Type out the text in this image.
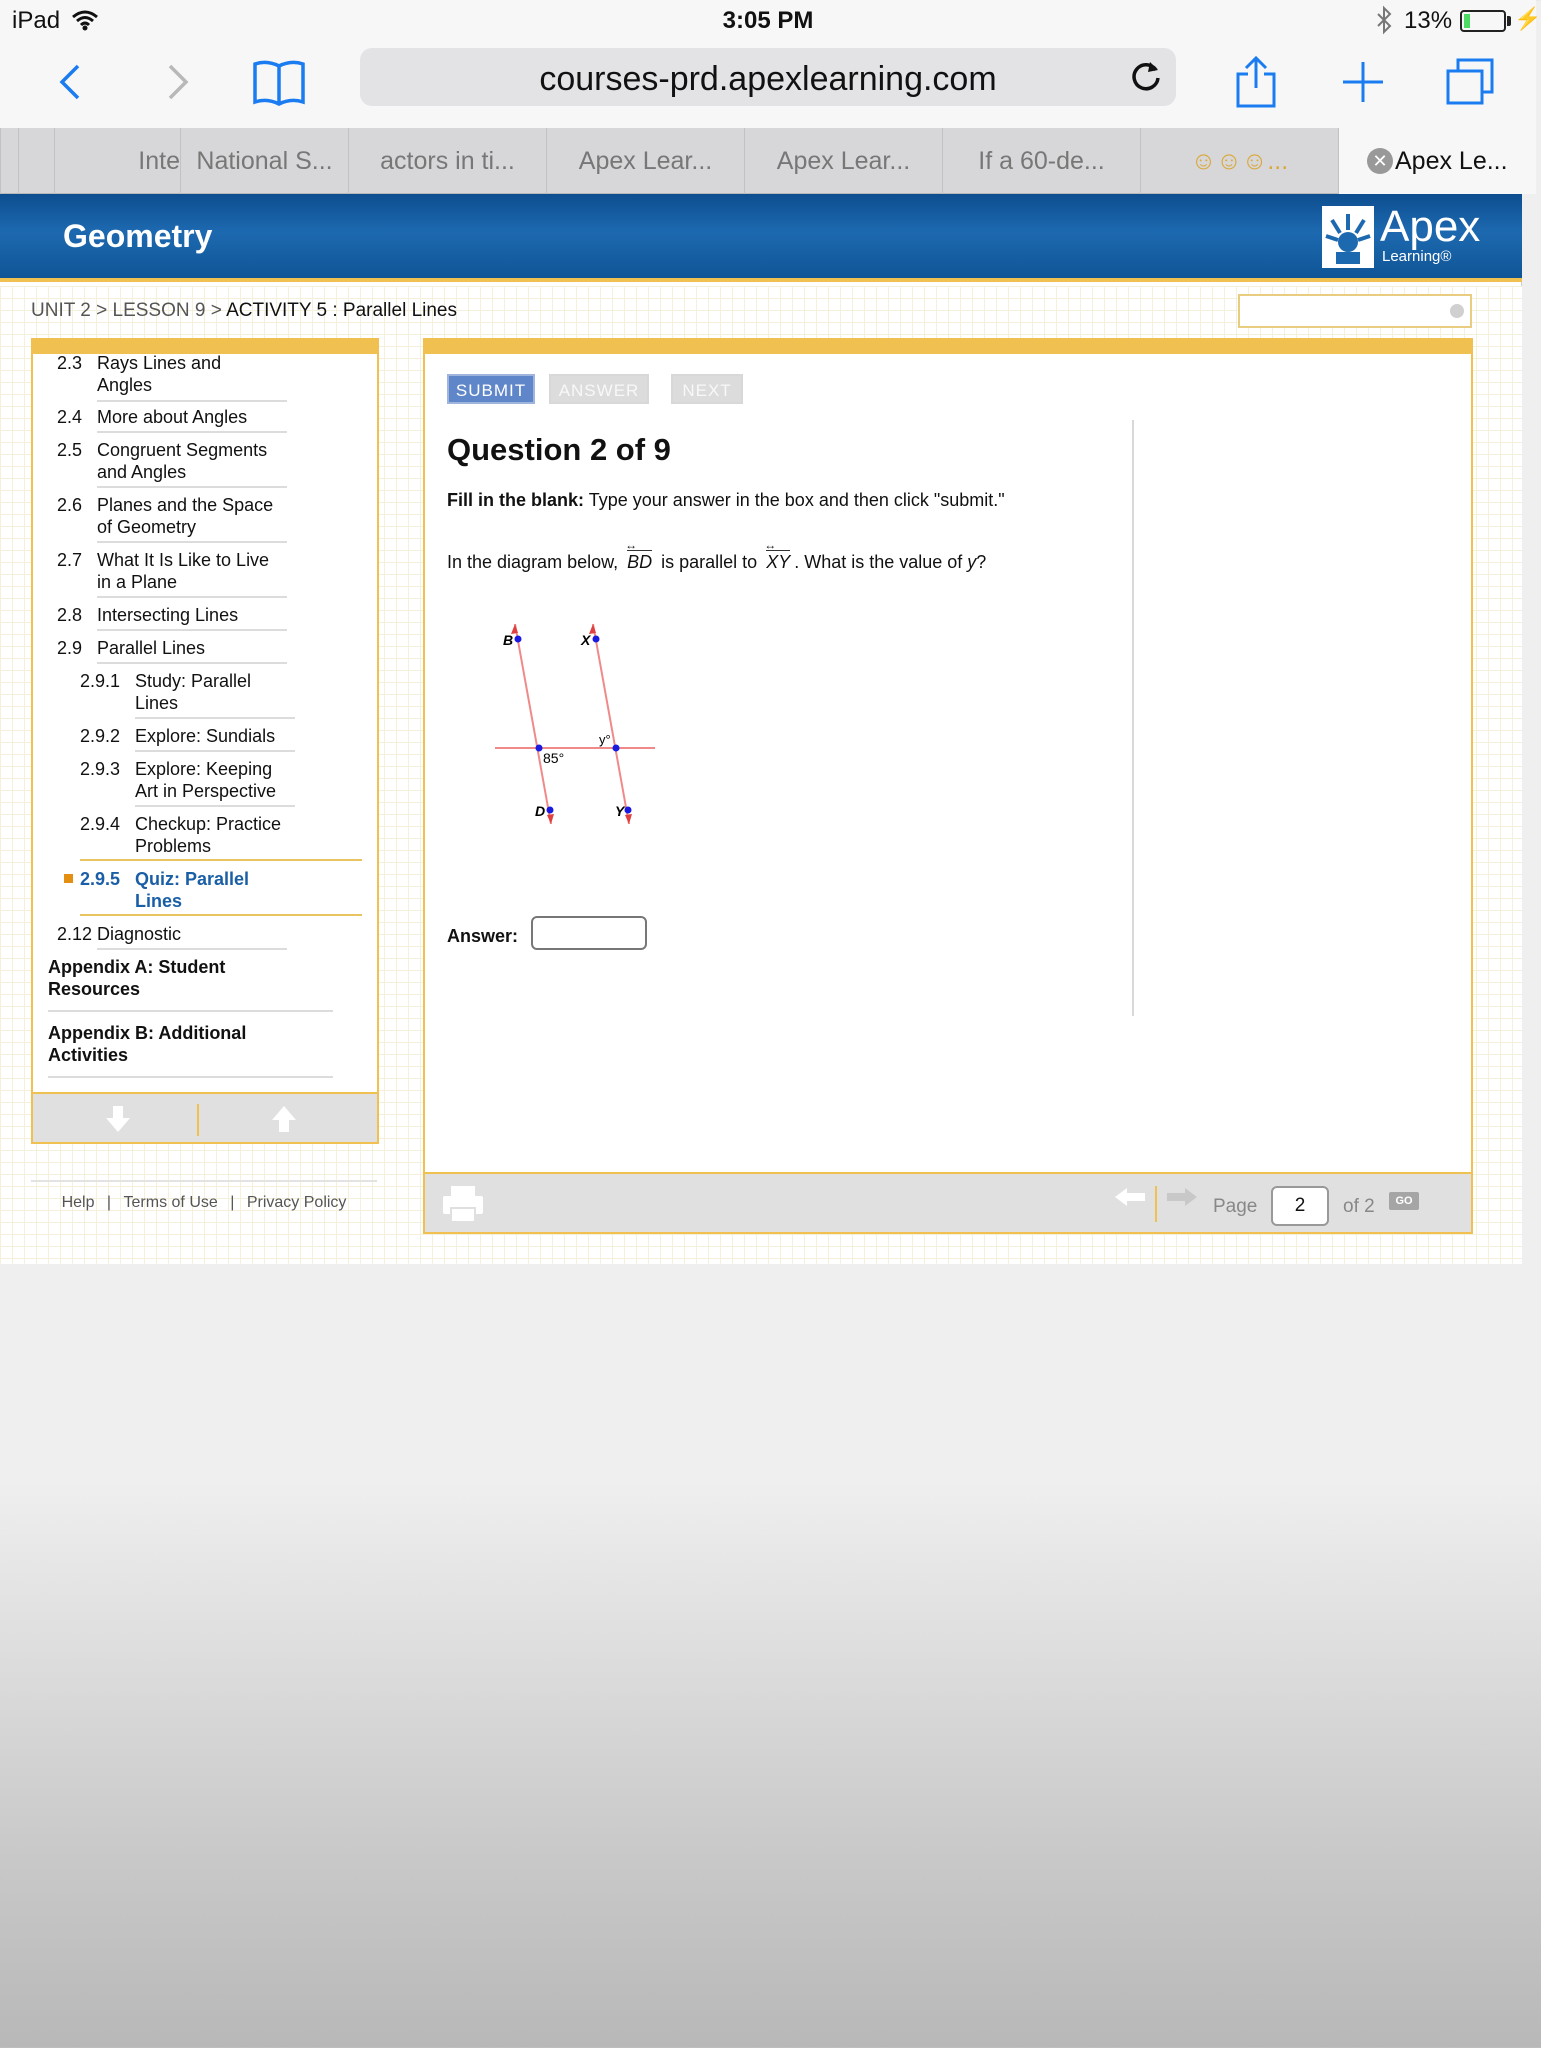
iPad	3:05 PM	13%	⚡
courses-prd.apexlearning.com
Inte National S...	actors in ti...	Apex Lear...	Apex Lear...	If a 60-de...	☺☺☺...	✕ Apex Le...
Geometry	Apex
Learning®
UNIT 2 > LESSON 9 > ACTIVITY 5 : Parallel Lines
2.3 Rays Lines and
Angles
2.4 More about Angles
2.5 Congruent Segments
and Angles
2.6 Planes and the Space
of Geometry
2.7 What It Is Like to Live
in a Plane
2.8 Intersecting Lines
2.9 Parallel Lines
2.9.1 Study: Parallel
Lines
2.9.2 Explore: Sundials
2.9.3 Explore: Keeping
Art in Perspective
2.9.4 Checkup: Practice
Problems
2.9.5 Quiz: Parallel
Lines
2.12 Diagnostic
Appendix A: Student
Resources
Appendix B: Additional
Activities
Help | Terms of Use | Privacy Policy
SUBMIT	ANSWER	NEXT
Question 2 of 9
Fill in the blank: Type your answer in the box and then click "submit."
In the diagram below, BD ↔ is parallel to XY ↔ . What is the value of y?
B	X
D	Y
85°
y°
Answer:
Page	2	of 2	GO
